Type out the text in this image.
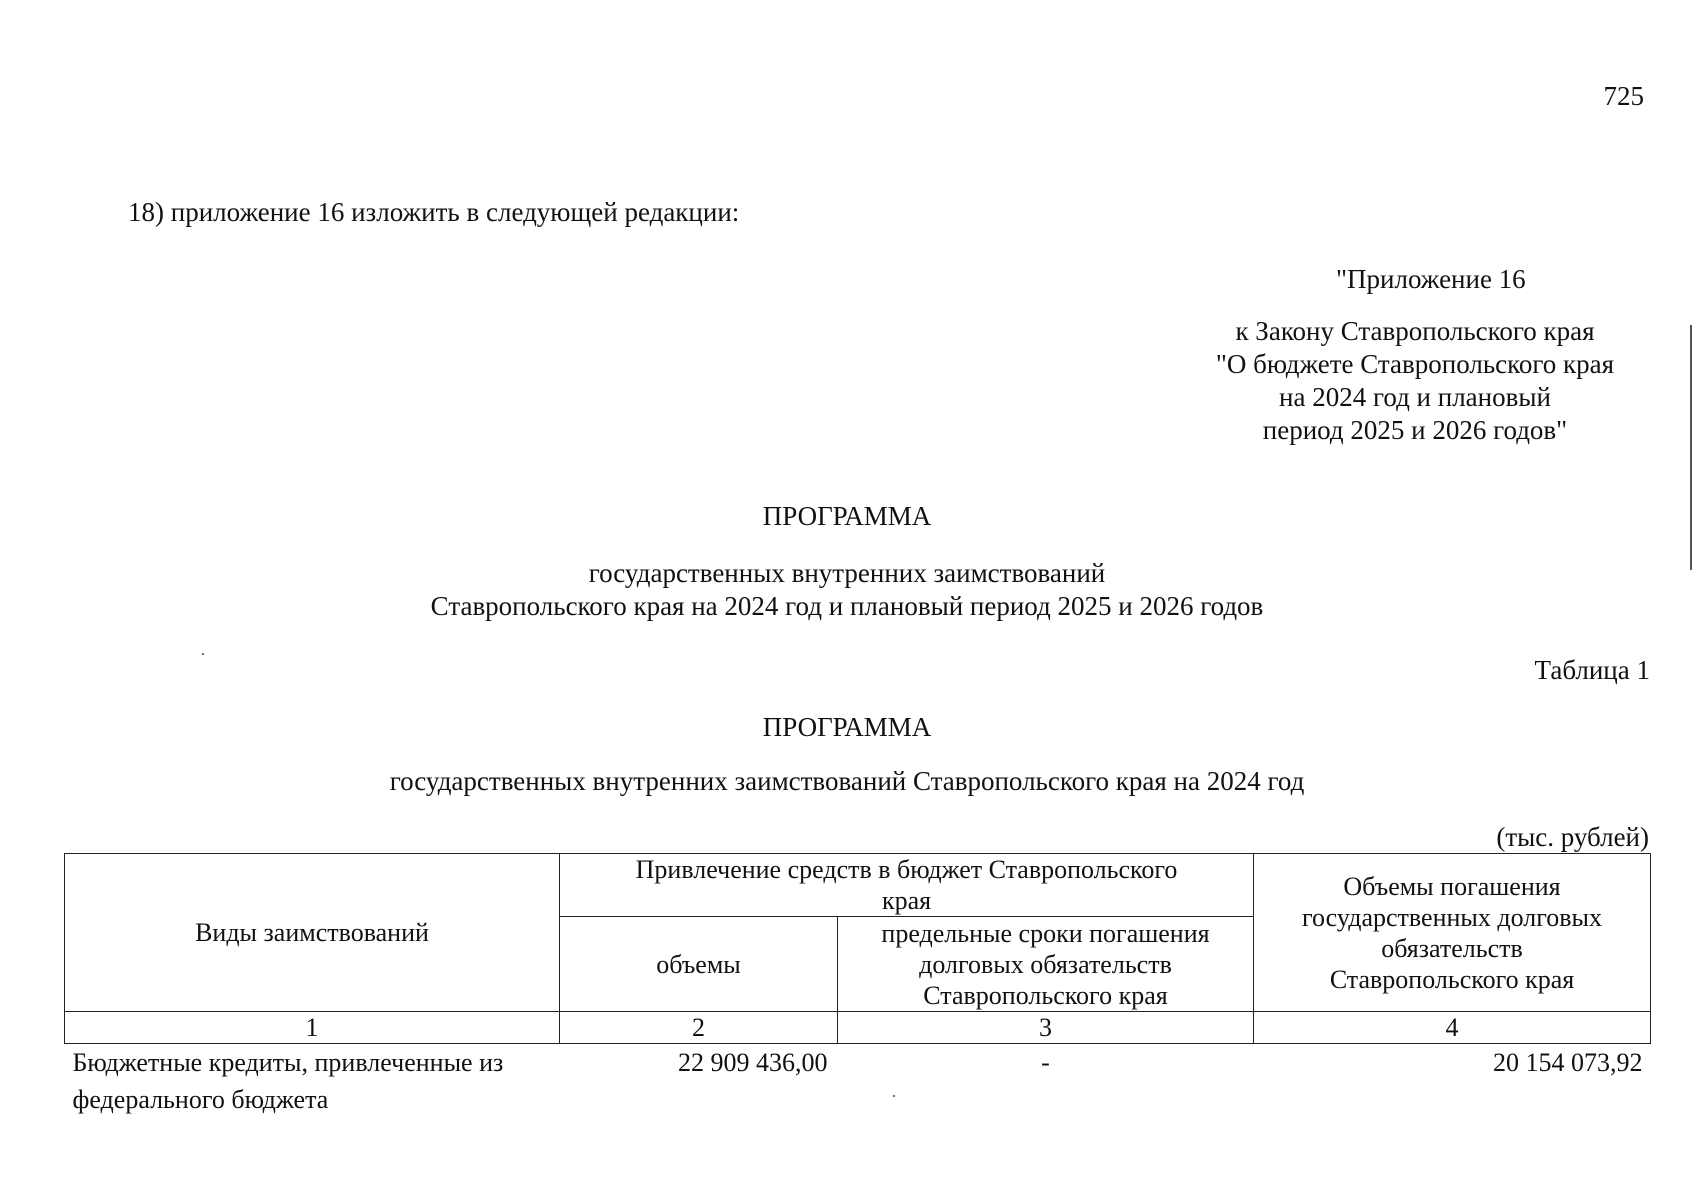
725
18) приложение 16 изложить в следующей редакции:
"Приложение 16
к Закону Ставропольского края
"О бюджете Ставропольского края
на 2024 год и плановый
период 2025 и 2026 годов"
ПРОГРАММА
государственных внутренних заимствований
Ставропольского края на 2024 год и плановый период 2025 и 2026 годов
Таблица 1
ПРОГРАММА
государственных внутренних заимствований Ставропольского края на 2024 год
(тыс. рублей)
Виды заимствований	Привлечение средств в бюджет Ставропольского края		Объемы погашения государственных долговых обязательств Ставропольского края
	объемы	предельные сроки погашения долговых обязательств Ставропольского края	
1	2	3	4
Бюджетные кредиты, привлеченные из федерального бюджета	22 909 436,00	-	20 154 073,92
